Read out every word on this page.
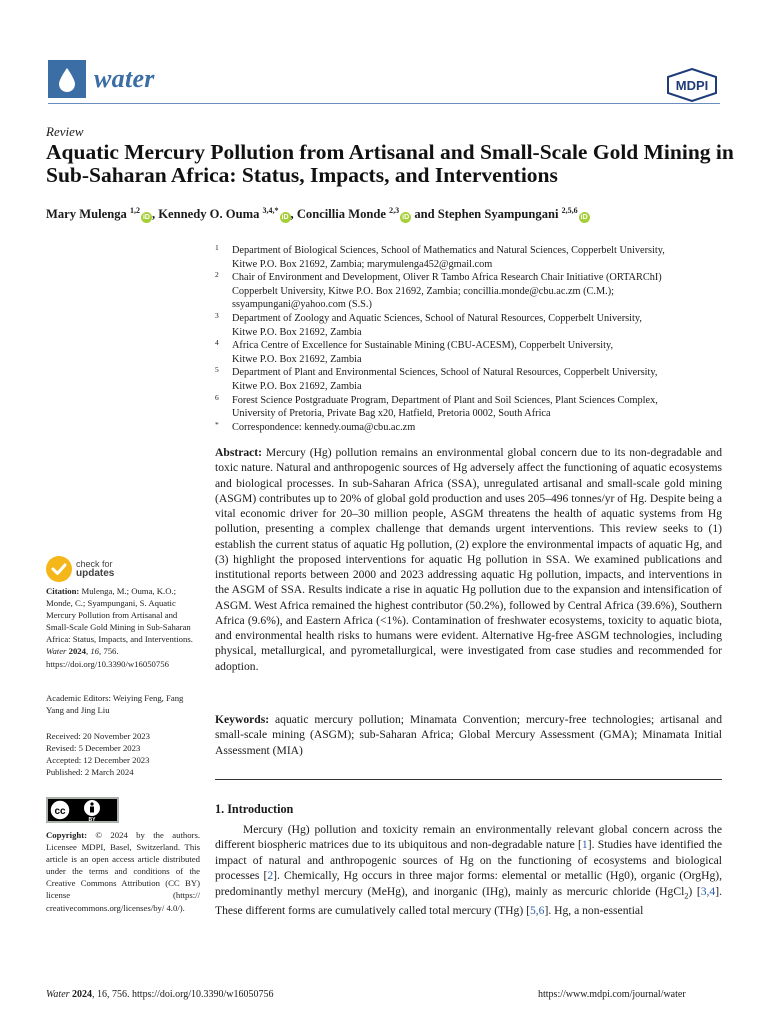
water	MDPI
Review
Aquatic Mercury Pollution from Artisanal and Small-Scale Gold Mining in Sub-Saharan Africa: Status, Impacts, and Interventions
Mary Mulenga $^{1,2}$iD , Kennedy O. Ouma $^{3,4,*}$iD , Concillia Monde $^{2,3}$iD and Stephen Syampungani $^{2,5,6}$iD
1 Department of Biological Sciences, School of Mathematics and Natural Sciences, Copperbelt University,
Kitwe P.O. Box 21692, Zambia; marymulenga452@gmail.com
2 Chair of Environment and Development, Oliver R Tambo Africa Research Chair Initiative (ORTARChI)
Copperbelt University, Kitwe P.O. Box 21692, Zambia; concillia.monde@cbu.ac.zm (C.M.);
ssyampungani@yahoo.com (S.S.)
3 Department of Zoology and Aquatic Sciences, School of Natural Resources, Copperbelt University,
Kitwe P.O. Box 21692, Zambia
4 Africa Centre of Excellence for Sustainable Mining (CBU-ACESM), Copperbelt University,
Kitwe P.O. Box 21692, Zambia
5 Department of Plant and Environmental Sciences, School of Natural Resources, Copperbelt University,
Kitwe P.O. Box 21692, Zambia
6 Forest Science Postgraduate Program, Department of Plant and Soil Sciences, Plant Sciences Complex,
University of Pretoria, Private Bag x20, Hatfield, Pretoria 0002, South Africa
* Correspondence: kennedy.ouma@cbu.ac.zm
Abstract: Mercury (Hg) pollution remains an environmental global concern due to its non-degradable and toxic nature. Natural and anthropogenic sources of Hg adversely affect the functioning of aquatic ecosystems and biological processes. In sub-Saharan Africa (SSA), unregulated artisanal and small-scale gold mining (ASGM) contributes up to 20% of global gold production and uses 205–496 tonnes/yr of Hg. Despite being a vital economic driver for 20–30 million people, ASGM threatens the health of aquatic systems from Hg pollution, presenting a complex challenge that demands urgent interventions. This review seeks to (1) establish the current status of aquatic Hg pollution, (2) explore the environmental impacts of aquatic Hg, and (3) highlight the proposed interventions for aquatic Hg pollution in SSA. We examined publications and institutional reports between 2000 and 2023 addressing aquatic Hg pollution, impacts, and interventions in the ASGM of SSA. Results indicate a rise in aquatic Hg pollution due to the expansion and intensification of ASGM. West Africa remained the highest contributor (50.2%), followed by Central Africa (39.6%), Southern Africa (9.6%), and Eastern Africa (<1%). Contamination of freshwater ecosystems, toxicity to aquatic biota, and environmental health risks to humans were evident. Alternative Hg-free ASGM technologies, including physical, metallurgical, and pyrometallurgical, were investigated from case studies and recommended for adoption.
Keywords: aquatic mercury pollution; Minamata Convention; mercury-free technologies; artisanal and small-scale mining (ASGM); sub-Saharan Africa; Global Mercury Assessment (GMA); Minamata Initial Assessment (MIA)
1. Introduction
Mercury (Hg) pollution and toxicity remain an environmentally relevant global concern across the different biospheric matrices due to its ubiquitous and non-degradable nature [1]. Studies have identified the impact of natural and anthropogenic sources of Hg on the functioning of ecosystems and biological processes [2]. Chemically, Hg occurs in three major forms: elemental or metallic (Hg0), organic (OrgHg), predominantly methyl mercury (MeHg), and inorganic (IHg), mainly as mercuric chloride (HgCl$_2$) [3,4]. These different forms are cumulatively called total mercury (THg) [5,6]. Hg, a non-essential
check for
updates
Citation: Mulenga, M.; Ouma, K.O.; Monde, C.; Syampungani, S. Aquatic Mercury Pollution from Artisanal and Small-Scale Gold Mining in Sub-Saharan Africa: Status, Impacts, and Interventions. Water 2024, 16, 756. https://doi.org/10.3390/w16050756
Academic Editors: Weiying Feng, Fang Yang and Jing Liu
Received: 20 November 2023
Revised: 5 December 2023
Accepted: 12 December 2023
Published: 2 March 2024
cc
BY
Copyright: © 2024 by the authors. Licensee MDPI, Basel, Switzerland. This article is an open access article distributed under the terms and conditions of the Creative Commons Attribution (CC BY) license (https:// creativecommons.org/licenses/by/ 4.0/).
Water 2024, 16, 756. https://doi.org/10.3390/w16050756	https://www.mdpi.com/journal/water
